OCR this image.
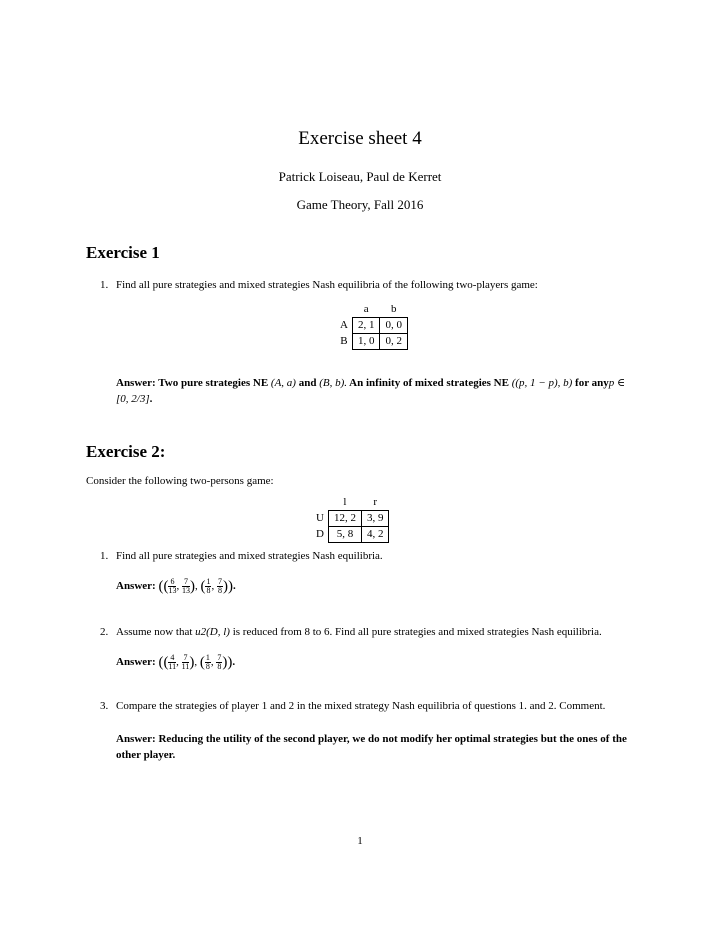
Exercise sheet 4
Patrick Loiseau, Paul de Kerret
Game Theory, Fall 2016
Exercise 1
1. Find all pure strategies and mixed strategies Nash equilibria of the following two-players game:
	a	b
A	2, 1	0, 0
B	1, 0	0, 2
Answer: Two pure strategies NE (A, a) and (B, b). An infinity of mixed strategies NE ((p, 1 − p), b) for anyp ∈ [0, 2/3].
Exercise 2:
Consider the following two-persons game:
	l	r
U	12, 2	3, 9
D	5, 8	4, 2
1. Find all pure strategies and mixed strategies Nash equilibria.
Answer: (( $\frac{6}{13}$ , $\frac{7}{13}$ ), ( $\frac{1}{8}$ , $\frac{7}{8}$ )).
2. Assume now that u2(D, l) is reduced from 8 to 6. Find all pure strategies and mixed strategies Nash equilibria.
Answer: (( $\frac{4}{11}$ , $\frac{7}{11}$ ), ( $\frac{1}{8}$ , $\frac{7}{8}$ )).
3. Compare the strategies of player 1 and 2 in the mixed strategy Nash equilibria of questions 1. and 2. Comment.
Answer: Reducing the utility of the second player, we do not modify her optimal strategies but the ones of the other player.
1
